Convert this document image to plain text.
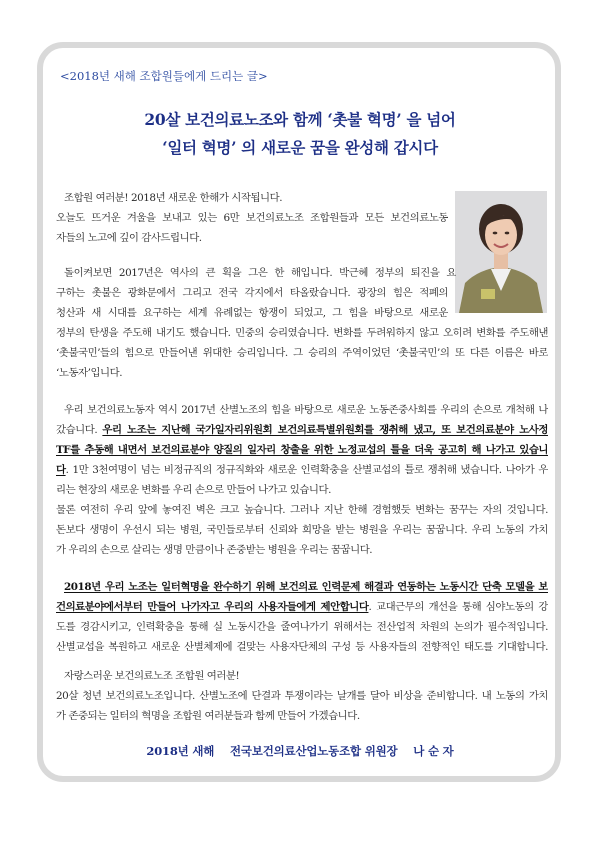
<2018년 새해 조합원들에게 드리는 글>
20살 보건의료노조와 함께 ‘촛불 혁명’ 을 넘어
‘일터 혁명’ 의 새로운 꿈을 완성해 갑시다
조합원 여러분! 2018년 새로운 한해가 시작됩니다.
오늘도 뜨거운 겨울을 보내고 있는 6만 보건의료노조 조합원들과 모든 보건의료노동
자들의 노고에 깊이 감사드립니다.
돌이켜보면 2017년은 역사의 큰 획을 그은 한 해입니다. 박근혜 정부의 퇴진을 요
구하는 촛불은 광화문에서 그리고 전국 각지에서 타올랐습니다. 광장의 힘은 적폐의
청산과 새 시대를 요구하는 세계 유례없는 항쟁이 되었고, 그 힘을 바탕으로 새로운
정부의 탄생을 주도해 내기도 했습니다. 민중의 승리였습니다. 변화를 두려워하지 않고 오히려 변화를 주도해낸
‘촛불국민’들의 힘으로 만들어낸 위대한 승리입니다. 그 승리의 주역이었던 ‘촛불국민’의 또 다른 이름은 바로
‘노동자’입니다.
우리 보건의료노동자 역시 2017년 산별노조의 힘을 바탕으로 새로운 노동존중사회를 우리의 손으로 개척해 나
갔습니다. 우리 노조는 지난해 국가일자리위원회 보건의료특별위원회를 쟁취해 냈고, 또 보건의료분야 노사정
TF를 추동해 내면서 보건의료분야 양질의 일자리 창출을 위한 노정교섭의 틀을 더욱 공고히 해 나가고 있습니
다. 1만 3천여명이 넘는 비정규직의 정규직화와 새로운 인력확충을 산별교섭의 틀로 쟁취해 냈습니다. 나아가 우
리는 현장의 새로운 변화를 우리 손으로 만들어 나가고 있습니다.
물론 여전히 우리 앞에 놓여진 벽은 크고 높습니다. 그러나 지난 한해 경험했듯 변화는 꿈꾸는 자의 것입니다.
돈보다 생명이 우선시 되는 병원, 국민들로부터 신뢰와 희망을 받는 병원을 우리는 꿈꿉니다. 우리 노동의 가치
가 우리의 손으로 살리는 생명 만큼이나 존중받는 병원을 우리는 꿈꿉니다.
2018년 우리 노조는 일터혁명을 완수하기 위해 보건의료 인력문제 해결과 연동하는 노동시간 단축 모델을 보
건의료분야에서부터 만들어 나가자고 우리의 사용자들에게 제안합니다. 교대근무의 개선을 통해 심야노동의 강
도를 경감시키고, 인력확충을 통해 실 노동시간을 줄여나가기 위해서는 전산업적 차원의 논의가 필수적입니다.
산별교섭을 복원하고 새로운 산별체제에 걸맞는 사용자단체의 구성 등 사용자들의 전향적인 태도를 기대합니다.
자랑스러운 보건의료노조 조합원 여러분!
20살 청년 보건의료노조입니다. 산별노조에 단결과 투쟁이라는 날개를 달아 비상을 준비합니다. 내 노동의 가치
가 존중되는 일터의 혁명을 조합원 여러분들과 함께 만들어 가겠습니다.
2018년 새해 전국보건의료산업노동조합 위원장 나 순 자
